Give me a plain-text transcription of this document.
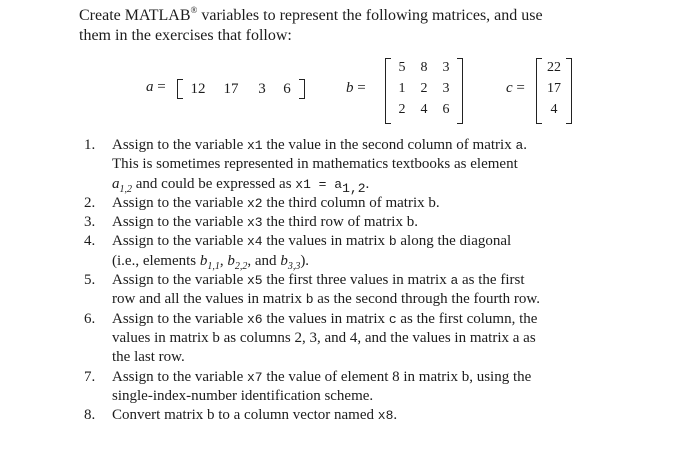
Create MATLAB® variables to represent the following matrices, and use
them in the exercises that follow:
a =	12	17	3	6	b =
5	8	3
1	2	3
2	4	6
c =
22
17
4
1. Assign to the variable x1 the value in the second column of matrix a.
This is sometimes represented in mathematics textbooks as element
$a_{1,2}$ and could be expressed as $x1 = a_{1,2}$.
2. Assign to the variable x2 the third column of matrix b.
3. Assign to the variable x3 the third row of matrix b.
4. Assign to the variable x4 the values in matrix b along the diagonal
(i.e., elements $b_{1,1}$, $b_{2,2}$, and $b_{3,3}$).
5. Assign to the variable x5 the first three values in matrix a as the first
row and all the values in matrix b as the second through the fourth row.
6. Assign to the variable x6 the values in matrix c as the first column, the
values in matrix b as columns 2, 3, and 4, and the values in matrix a as
the last row.
7. Assign to the variable x7 the value of element 8 in matrix b, using the
single-index-number identification scheme.
8. Convert matrix b to a column vector named x8.
